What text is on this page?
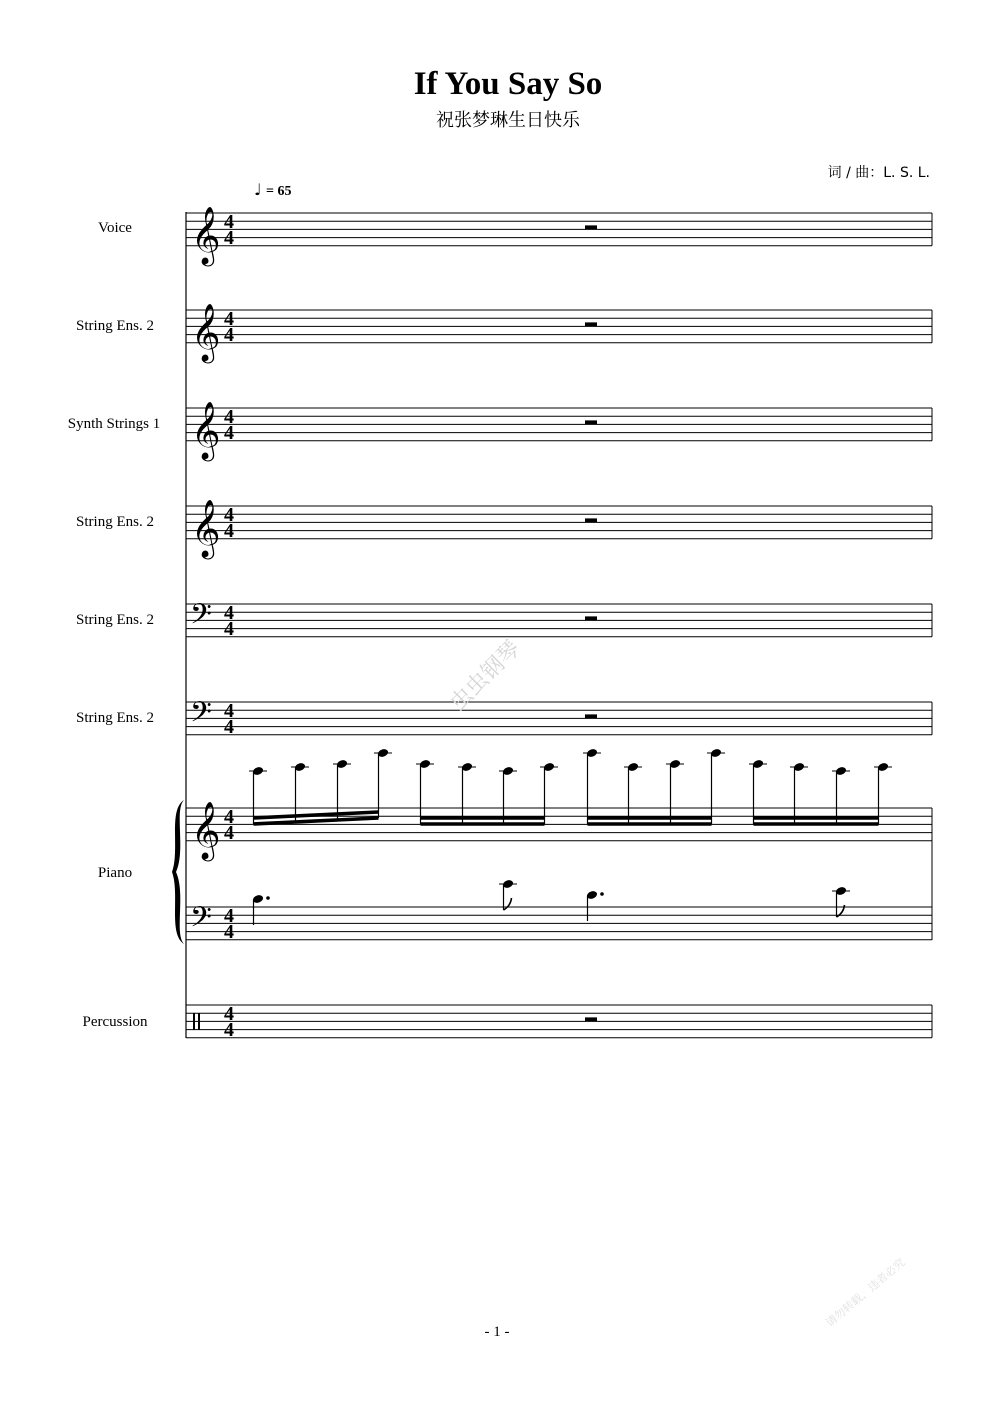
If You Say So
祝张梦琳生日快乐
词 / 曲：L. S. L.
Voice
String Ens. 2
Synth Strings 1
String Ens. 2
String Ens. 2
String Ens. 2
Piano
Percussion
♩ = 65
𝄞 4
4
𝄞 4
4
𝄞 4
4
𝄞 4
4
𝄢 4
4
𝄢 4
4
𝄞 4
4
𝄢 4
4
4
4
虫虫钢琴
请勿转载，违者必究
- 1 -
